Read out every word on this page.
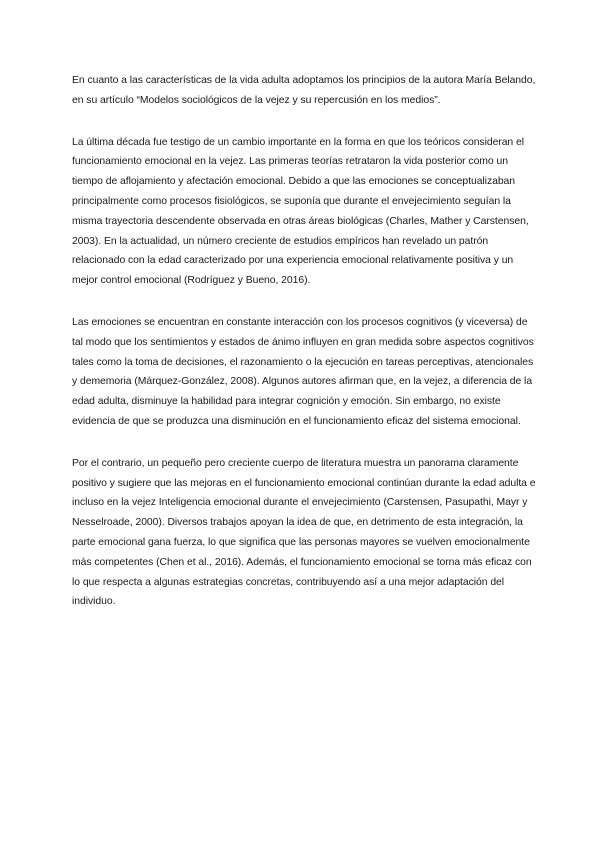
En cuanto a las características de la vida adulta adoptamos los principios de la autora María Belando,
en su artículo “Modelos sociológicos de la vejez y su repercusión en los medios”.

La última década fue testigo de un cambio importante en la forma en que los teóricos consideran el
funcionamiento emocional en la vejez. Las primeras teorías retrataron la vida posterior como un
tiempo de aflojamiento y afectación emocional. Debido a que las emociones se conceptualizaban
principalmente como procesos fisiológicos, se suponía que durante el envejecimiento seguían la
misma trayectoria descendente observada en otras áreas biológicas (Charles, Mather y Carstensen,
2003). En la actualidad, un número creciente de estudios empíricos han revelado un patrón
relacionado con la edad caracterizado por una experiencia emocional relativamente positiva y un
mejor control emocional (Rodríguez y Bueno, 2016).

Las emociones se encuentran en constante interacción con los procesos cognitivos (y viceversa) de
tal modo que los sentimientos y estados de ánimo influyen en gran medida sobre aspectos cognitivos
tales como la toma de decisiones, el razonamiento o la ejecución en tareas perceptivas, atencionales
y dememoria (Márquez-González, 2008). Algunos autores afirman que, en la vejez, a diferencia de la
edad adulta, disminuye la habilidad para integrar cognición y emoción. Sin embargo, no existe
evidencia de que se produzca una disminución en el funcionamiento eficaz del sistema emocional.

Por el contrario, un pequeño pero creciente cuerpo de literatura muestra un panorama claramente
positivo y sugiere que las mejoras en el funcionamiento emocional continúan durante la edad adulta e
incluso en la vejez Inteligencia emocional durante el envejecimiento (Carstensen, Pasupathi, Mayr y
Nesselroade, 2000). Diversos trabajos apoyan la idea de que, en detrimento de esta integración, la
parte emocional gana fuerza, lo que significa que las personas mayores se vuelven emocionalmente
más competentes (Chen et al., 2016). Además, el funcionamiento emocional se torna más eficaz con
lo que respecta a algunas estrategias concretas, contribuyendo así a una mejor adaptación del
individuo.
